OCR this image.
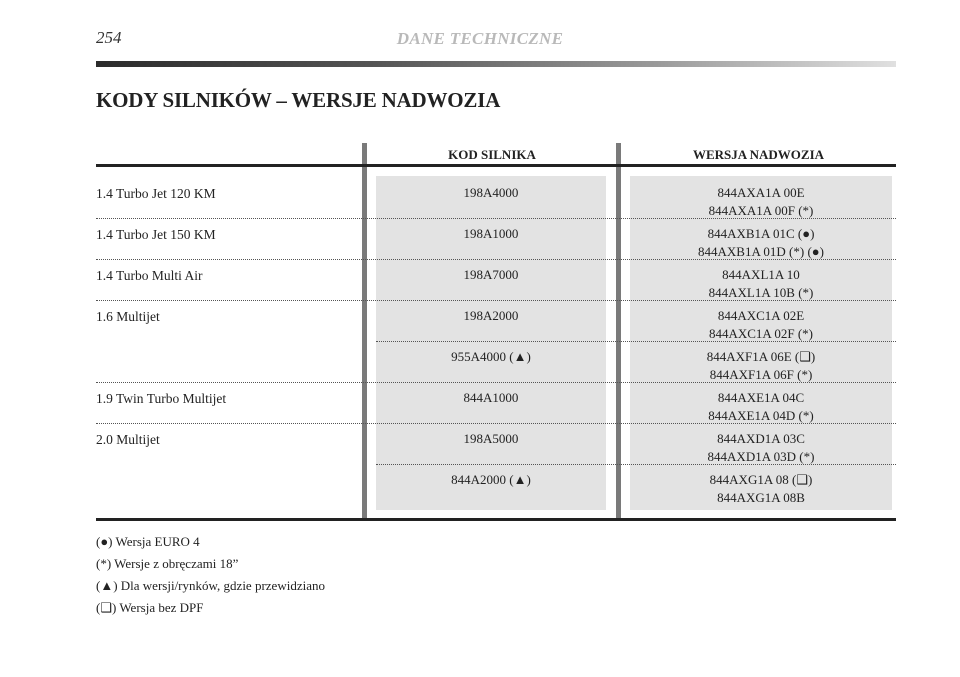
254	DANE TECHNICZNE
KODY SILNIKÓW – WERSJE NADWOZIA
KOD SILNIKA	WERSJA NADWOZIA
1.4 Turbo Jet 120 KM	198A4000	844AXA1A 00E
844AXA1A 00F (*)
1.4 Turbo Jet 150 KM	198A1000	844AXB1A 01C (●)
844AXB1A 01D (*) (●)
1.4 Turbo Multi Air	198A7000	844AXL1A 10
844AXL1A 10B (*)
1.6 Multijet	198A2000	844AXC1A 02E
844AXC1A 02F (*)
955A4000 (▲)	844AXF1A 06E (❑)
844AXF1A 06F (*)
1.9 Twin Turbo Multijet	844A1000	844AXE1A 04C
844AXE1A 04D (*)
2.0 Multijet	198A5000	844AXD1A 03C
844AXD1A 03D (*)
844A2000 (▲)	844AXG1A 08 (❑)
844AXG1A 08B
(●) Wersja EURO 4
(*) Wersje z obręczami 18”
(▲) Dla wersji/rynków, gdzie przewidziano
(❑) Wersja bez DPF
